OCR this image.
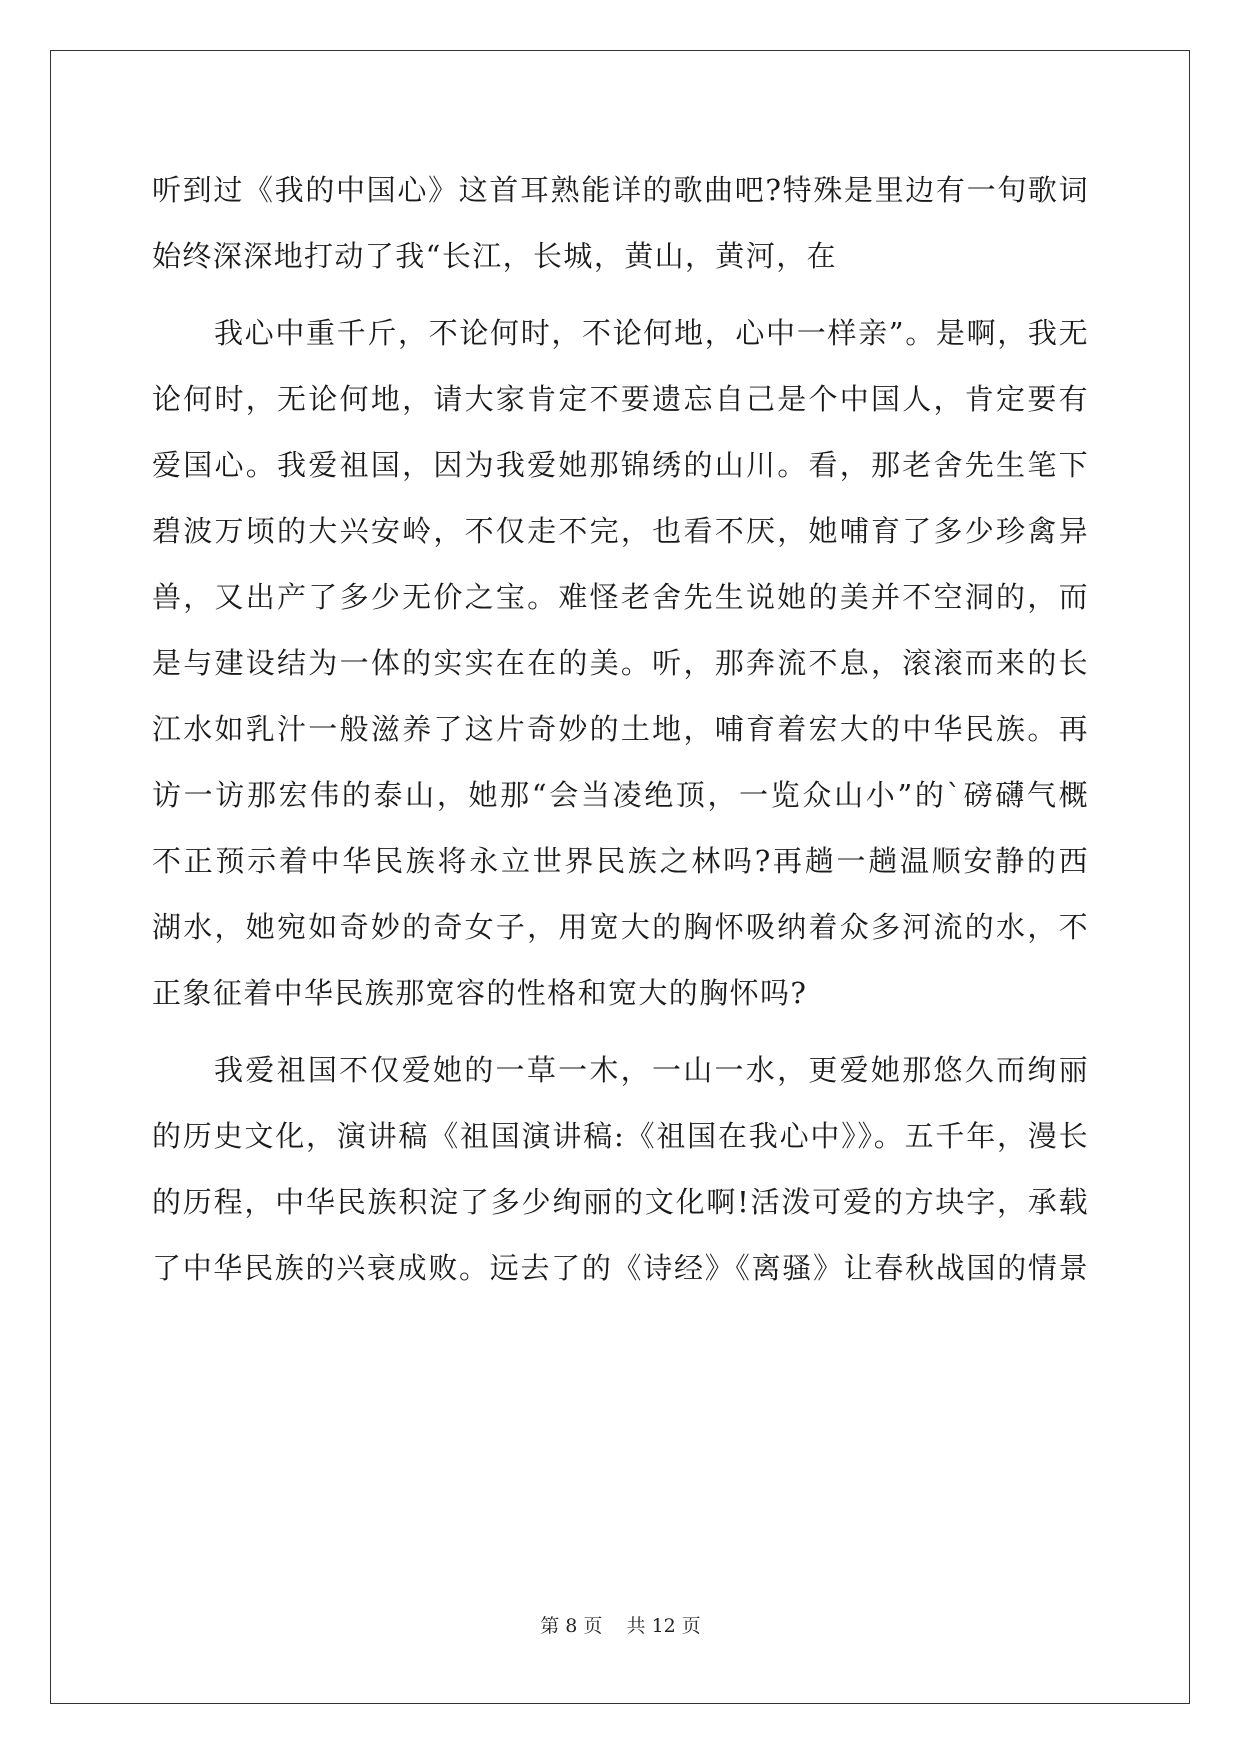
听到过《我的中国心》这首耳熟能详的歌曲吧?特殊是里边有一句歌词
始终深深地打动了我“长江，长城，黄山，黄河，在
我心中重千斤，不论何时，不论何地，心中一样亲”。是啊，我无
论何时，无论何地，请大家肯定不要遗忘自己是个中国人，肯定要有
爱国心。我爱祖国，因为我爱她那锦绣的山川。看，那老舍先生笔下
碧波万顷的大兴安岭，不仅走不完，也看不厌，她哺育了多少珍禽异
兽，又出产了多少无价之宝。难怪老舍先生说她的美并不空洞的，而
是与建设结为一体的实实在在的美。听，那奔流不息，滚滚而来的长
江水如乳汁一般滋养了这片奇妙的土地，哺育着宏大的中华民族。再
访一访那宏伟的泰山，她那“会当凌绝顶，一览众山小”的`磅礴气概
不正预示着中华民族将永立世界民族之林吗?再趟一趟温顺安静的西
湖水，她宛如奇妙的奇女子，用宽大的胸怀吸纳着众多河流的水，不
正象征着中华民族那宽容的性格和宽大的胸怀吗?
我爱祖国不仅爱她的一草一木，一山一水，更爱她那悠久而绚丽
的历史文化，演讲稿《祖国演讲稿:《祖国在我心中》》。五千年，漫长
的历程，中华民族积淀了多少绚丽的文化啊!活泼可爱的方块字，承载
了中华民族的兴衰成败。远去了的《诗经》《离骚》让春秋战国的情景
第 8 页    共 12 页
